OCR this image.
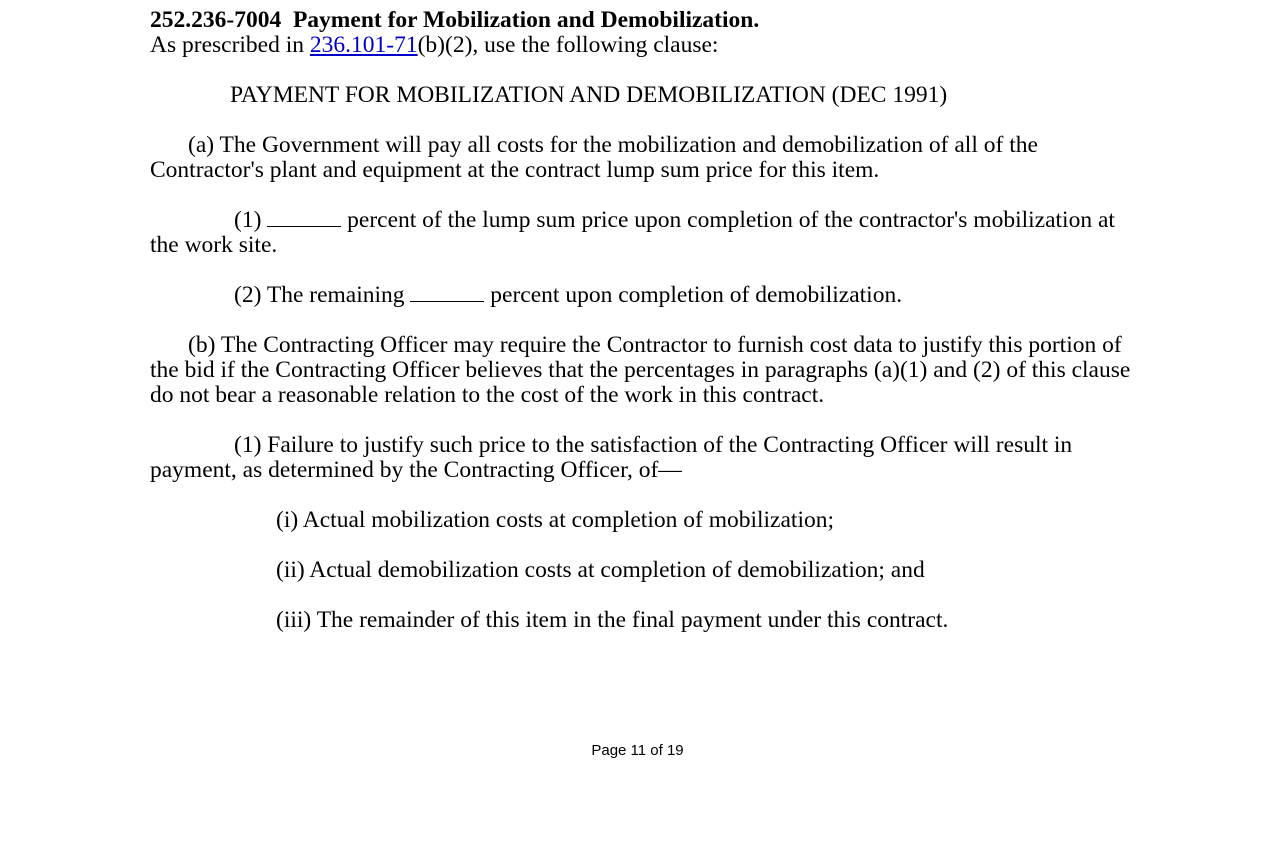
252.236-7004 Payment for Mobilization and Demobilization.

As prescribed in 236.101-71(b)(2), use the following clause:

PAYMENT FOR MOBILIZATION AND DEMOBILIZATION (DEC 1991)

(a) The Government will pay all costs for the mobilization and demobilization of all of the Contractor's plant and equipment at the contract lump sum price for this item.

(1)	percent of the lump sum price upon completion of the contractor's mobilization at the work site.

(2) The remaining	percent upon completion of demobilization.

(b) The Contracting Officer may require the Contractor to furnish cost data to justify this portion of the bid if the Contracting Officer believes that the percentages in paragraphs (a)(1) and (2) of this clause do not bear a reasonable relation to the cost of the work in this contract.

(1) Failure to justify such price to the satisfaction of the Contracting Officer will result in payment, as determined by the Contracting Officer, of—

(i) Actual mobilization costs at completion of mobilization;

(ii) Actual demobilization costs at completion of demobilization; and

(iii) The remainder of this item in the final payment under this contract.

Page 11 of 19
